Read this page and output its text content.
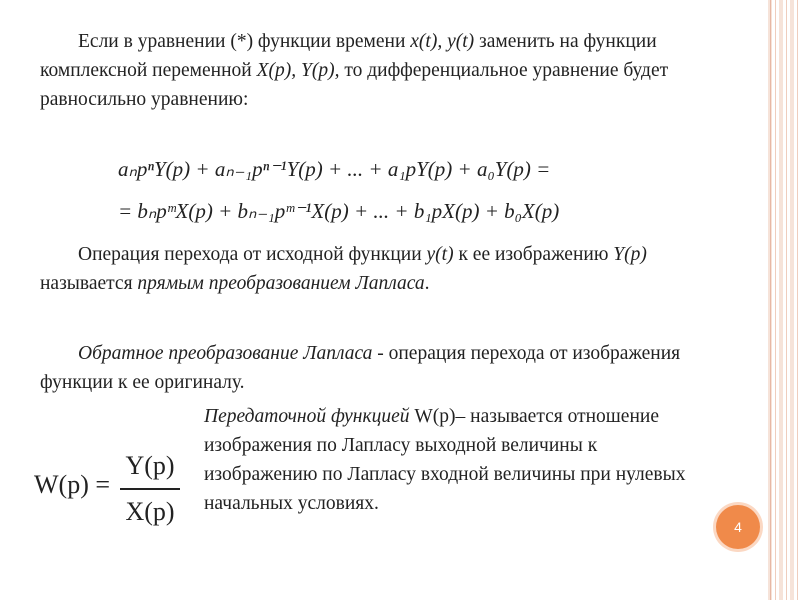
Если в уравнении (*) функции времени x(t), y(t) заменить на функции комплексной переменной X(p), Y(p), то дифференциальное уравнение будет равносильно уравнению:

aₙpⁿY(p) + aₙ₋₁pⁿ⁻¹Y(p) + ... + a₁pY(p) + a₀Y(p) =
= bₙpᵐX(p) + bₙ₋₁pᵐ⁻¹X(p) + ... + b₁pX(p) + b₀X(p)

Операция перехода от исходной функции y(t) к ее изображению Y(p) называется прямым преобразованием Лапласа.

Обратное преобразование Лапласа - операция перехода от изображения функции к ее оригиналу.

Передаточной функцией W(p)– называется отношение изображения по Лапласу выходной величины к изображению по Лапласу входной величины при нулевых начальных условиях.

W(p) =
Y(p)
X(p)
4
